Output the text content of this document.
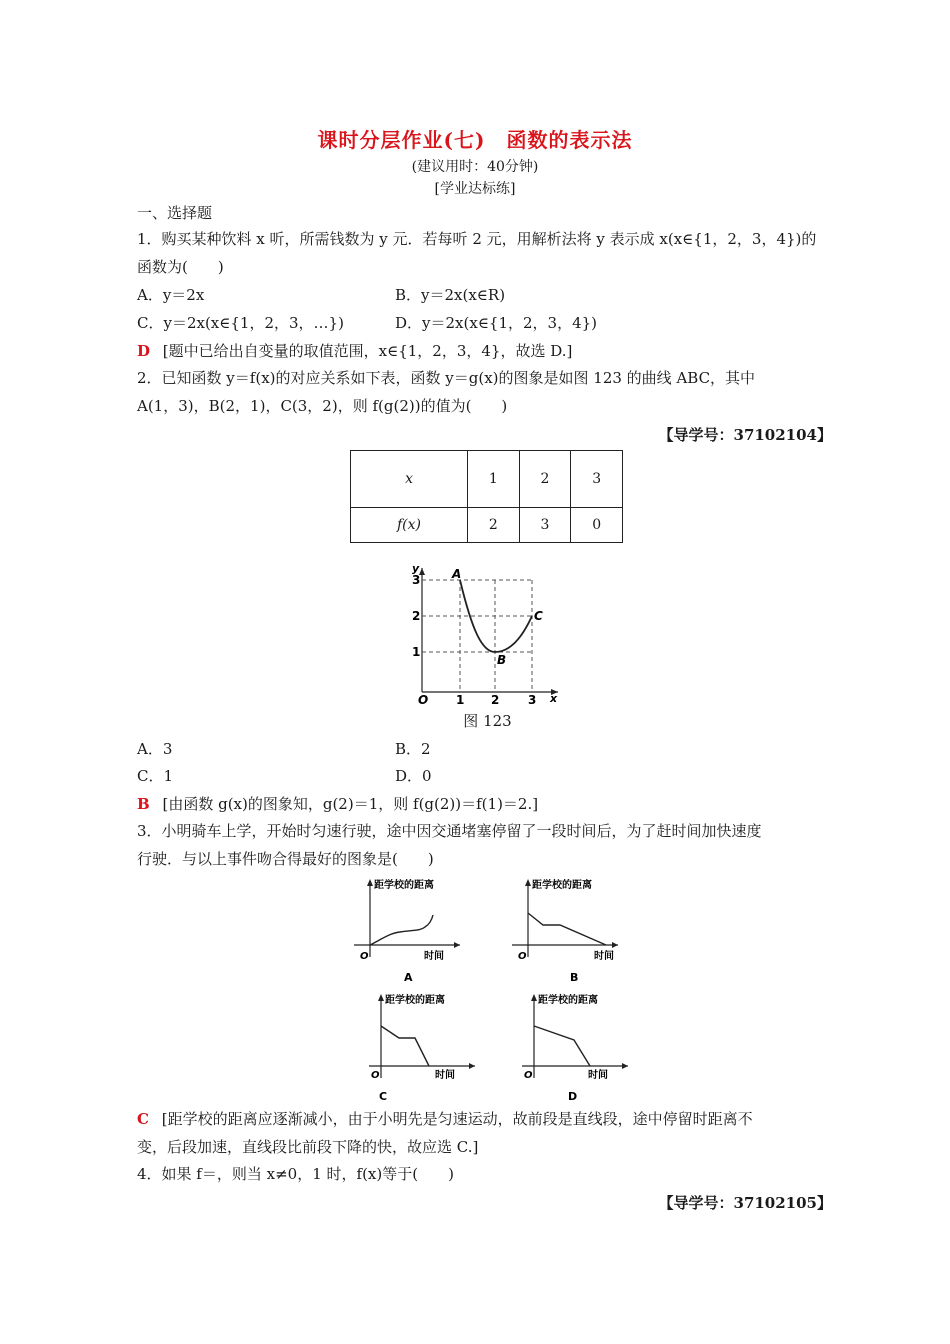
课时分层作业(七)　函数的表示法
(建议用时：40分钟)
[学业达标练]
一、选择题
1．购买某种饮料 x 听，所需钱数为 y 元．若每听 2 元，用解析法将 y 表示成 x(x∈{1，2，3，4})的
函数为(　　)
A．y＝2x	B．y＝2x(x∈R)
C．y＝2x(x∈{1，2，3，…})	D．y＝2x(x∈{1，2，3，4})
D [题中已给出自变量的取值范围，x∈{1，2，3，4}，故选 D.]
2．已知函数 y＝f(x)的对应关系如下表，函数 y＝g(x)的图象是如图 123 的曲线 ABC，其中
A(1，3)，B(2，1)，C(3，2)，则 f(g(2))的值为(　　)
【导学号：37102104】
x	1	2	3
f(x)	2	3	0
y
x
O 1 2 3
1
2
3	A
B
C
图 123
A．3	B．2
C．1	D．0
B [由函数 g(x)的图象知，g(2)＝1，则 f(g(2))＝f(1)＝2.]
3．小明骑车上学，开始时匀速行驶，途中因交通堵塞停留了一段时间后，为了赶时间加快速度
行驶．与以上事件吻合得最好的图象是(　　)
距学校的距离
时间
O
A
距学校的距离
时间
O
B
距学校的距离
时间
O
C
距学校的距离
时间
O
D
C [距学校的距离应逐渐减小，由于小明先是匀速运动，故前段是直线段，途中停留时距离不
变，后段加速，直线段比前段下降的快，故应选 C.]
4．如果 f＝，则当 x≠0，1 时，f(x)等于(　　)
【导学号：37102105】
